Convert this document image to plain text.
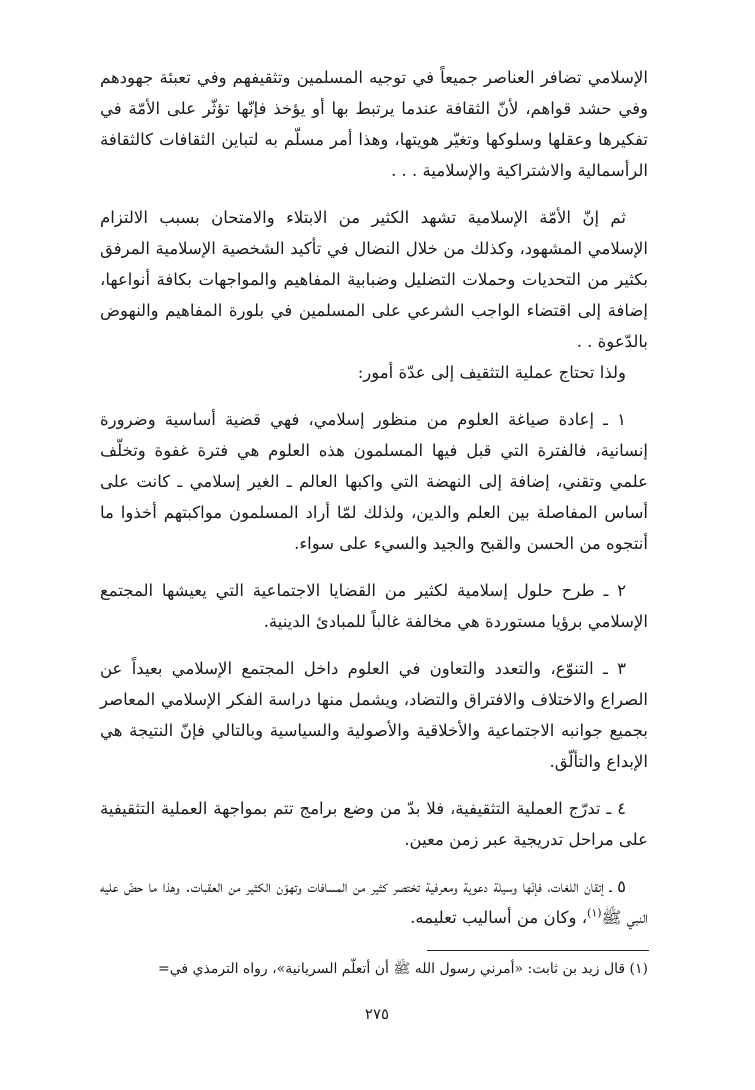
الإسلامي تضافر العناصر جميعاً في توجيه المسلمين وتثقيفهم وفي تعبئة جهودهم وفي حشد قواهم، لأنّ الثقافة عندما يرتبط بها أو يؤخذ فإنّها تؤثّر على الأمّة في تفكيرها وعقلها وسلوكها وتغيّر هويتها، وهذا أمر مسلّم به لتباين الثقافات كالثقافة الرأسمالية والاشتراكية والإسلامية . . .

ثم إنّ الأمّة الإسلامية تشهد الكثير من الابتلاء والامتحان بسبب الالتزام الإسلامي المشهود، وكذلك من خلال النضال في تأكيد الشخصية الإسلامية المرفق بكثير من التحديات وحملات التضليل وضبابية المفاهيم والمواجهات بكافة أنواعها، إضافة إلى اقتضاء الواجب الشرعي على المسلمين في بلورة المفاهيم والنهوض بالدّعوة . .

ولذا تحتاج عملية التثقيف إلى عدّة أمور:

١ ـ إعادة صياغة العلوم من منظور إسلامي، فهي قضية أساسية وضرورة إنسانية، فالفترة التي قبل فيها المسلمون هذه العلوم هي فترة غفوة وتخلّف علمي وتقني، إضافة إلى النهضة التي واكبها العالم ـ الغير إسلامي ـ كانت على أساس المفاصلة بين العلم والدين، ولذلك لمّا أراد المسلمون مواكبتهم أخذوا ما أنتجوه من الحسن والقبح والجيد والسيء على سواء.

٢ ـ طرح حلول إسلامية لكثير من القضايا الاجتماعية التي يعيشها المجتمع الإسلامي برؤيا مستوردة هي مخالفة غالباً للمبادئ الدينية.

٣ ـ التنوّع، والتعدد والتعاون في العلوم داخل المجتمع الإسلامي بعيداً عن الصراع والاختلاف والافتراق والتضاد، ويشمل منها دراسة الفكر الإسلامي المعاصر بجميع جوانبه الاجتماعية والأخلاقية والأصولية والسياسية وبالتالي فإنّ النتيجة هي الإبداع والتألّق.

٤ ـ تدرّج العملية التثقيفية، فلا بدّ من وضع برامج تتم بمواجهة العملية التثقيفية على مراحل تدريجية عبر زمن معين.

٥ ـ إتقان اللغات، فإنّها وسيلة دعوية ومعرفية تختصر كثير من المسافات وتهوّن الكثير من العقبات. وهذا ما حضّ عليه النبي ﷺ$^{(١)}$، وكان من أساليب تعليمه.

(١) قال زيد بن ثابت: «أمرني رسول الله ﷺ أن أتعلّم السريانية»، رواه الترمذي في=
٢٧٥
